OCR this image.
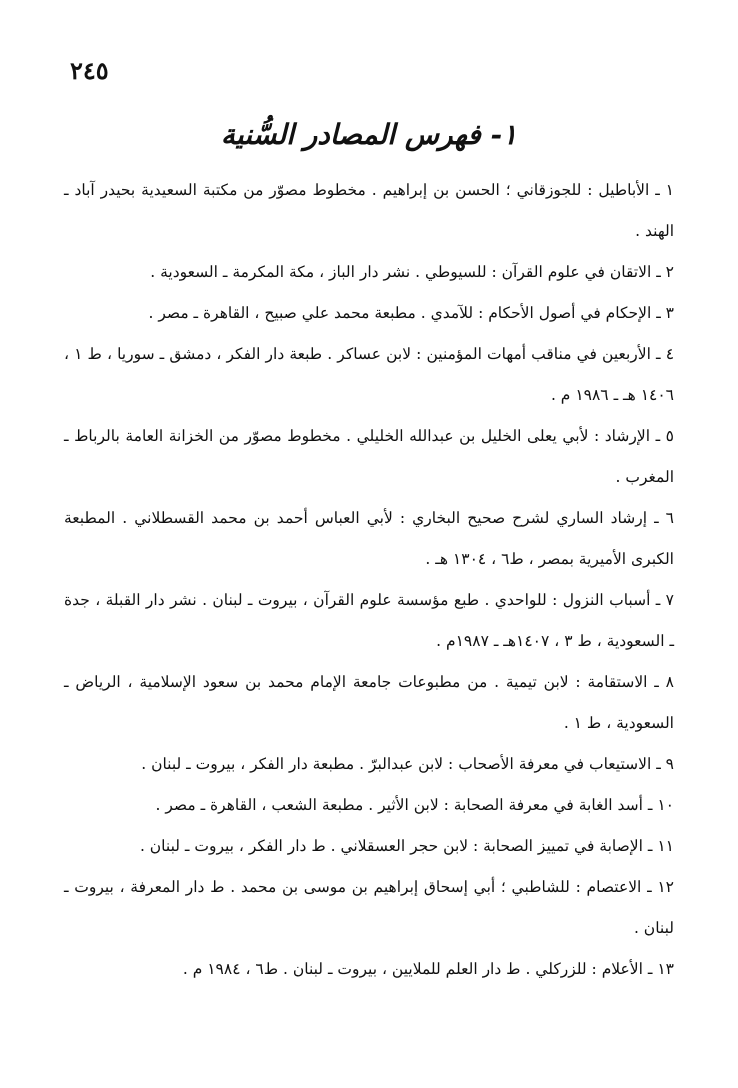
٢٤٥
١- فهرس المصادر السُّنية
١ ـ الأباطيل : للجوزقاني ؛ الحسن بن إبراهيم . مخطوط مصوّر من مكتبة السعيدية بحيدر آباد ـ الهند .
٢ ـ الاتقان في علوم القرآن : للسيوطي . نشر دار الباز ، مكة المكرمة ـ السعودية .
٣ ـ الإحكام في أصول الأحكام : للآمدي . مطبعة محمد علي صبيح ، القاهرة ـ مصر .
٤ ـ الأربعين في مناقب أمهات المؤمنين : لابن عساكر . طبعة دار الفكر ، دمشق ـ سوريا ، ط ١ ، ١٤٠٦ هـ ـ ١٩٨٦ م .
٥ ـ الإرشاد : لأبي يعلى الخليل بن عبدالله الخليلي . مخطوط مصوّر من الخزانة العامة بالرباط ـ المغرب .
٦ ـ إرشاد الساري لشرح صحيح البخاري : لأبي العباس أحمد بن محمد القسطلاني . المطبعة الكبرى الأميرية بمصر ، ط٦ ، ١٣٠٤ هـ .
٧ ـ أسباب النزول : للواحدي . طبع مؤسسة علوم القرآن ، بيروت ـ لبنان . نشر دار القبلة ، جدة ـ السعودية ، ط ٣ ، ١٤٠٧هـ ـ ١٩٨٧م .
٨ ـ الاستقامة : لابن تيمية . من مطبوعات جامعة الإمام محمد بن سعود الإسلامية ، الرياض ـ السعودية ، ط ١ .
٩ ـ الاستيعاب في معرفة الأصحاب : لابن عبدالبرّ . مطبعة دار الفكر ، بيروت ـ لبنان .
١٠ ـ أسد الغابة في معرفة الصحابة : لابن الأثير . مطبعة الشعب ، القاهرة ـ مصر .
١١ ـ الإصابة في تمييز الصحابة : لابن حجر العسقلاني . ط دار الفكر ، بيروت ـ لبنان .
١٢ ـ الاعتصام : للشاطبي ؛ أبي إسحاق إبراهيم بن موسى بن محمد . ط دار المعرفة ، بيروت ـ لبنان .
١٣ ـ الأعلام : للزركلي . ط دار العلم للملايين ، بيروت ـ لبنان . ط٦ ، ١٩٨٤ م .
